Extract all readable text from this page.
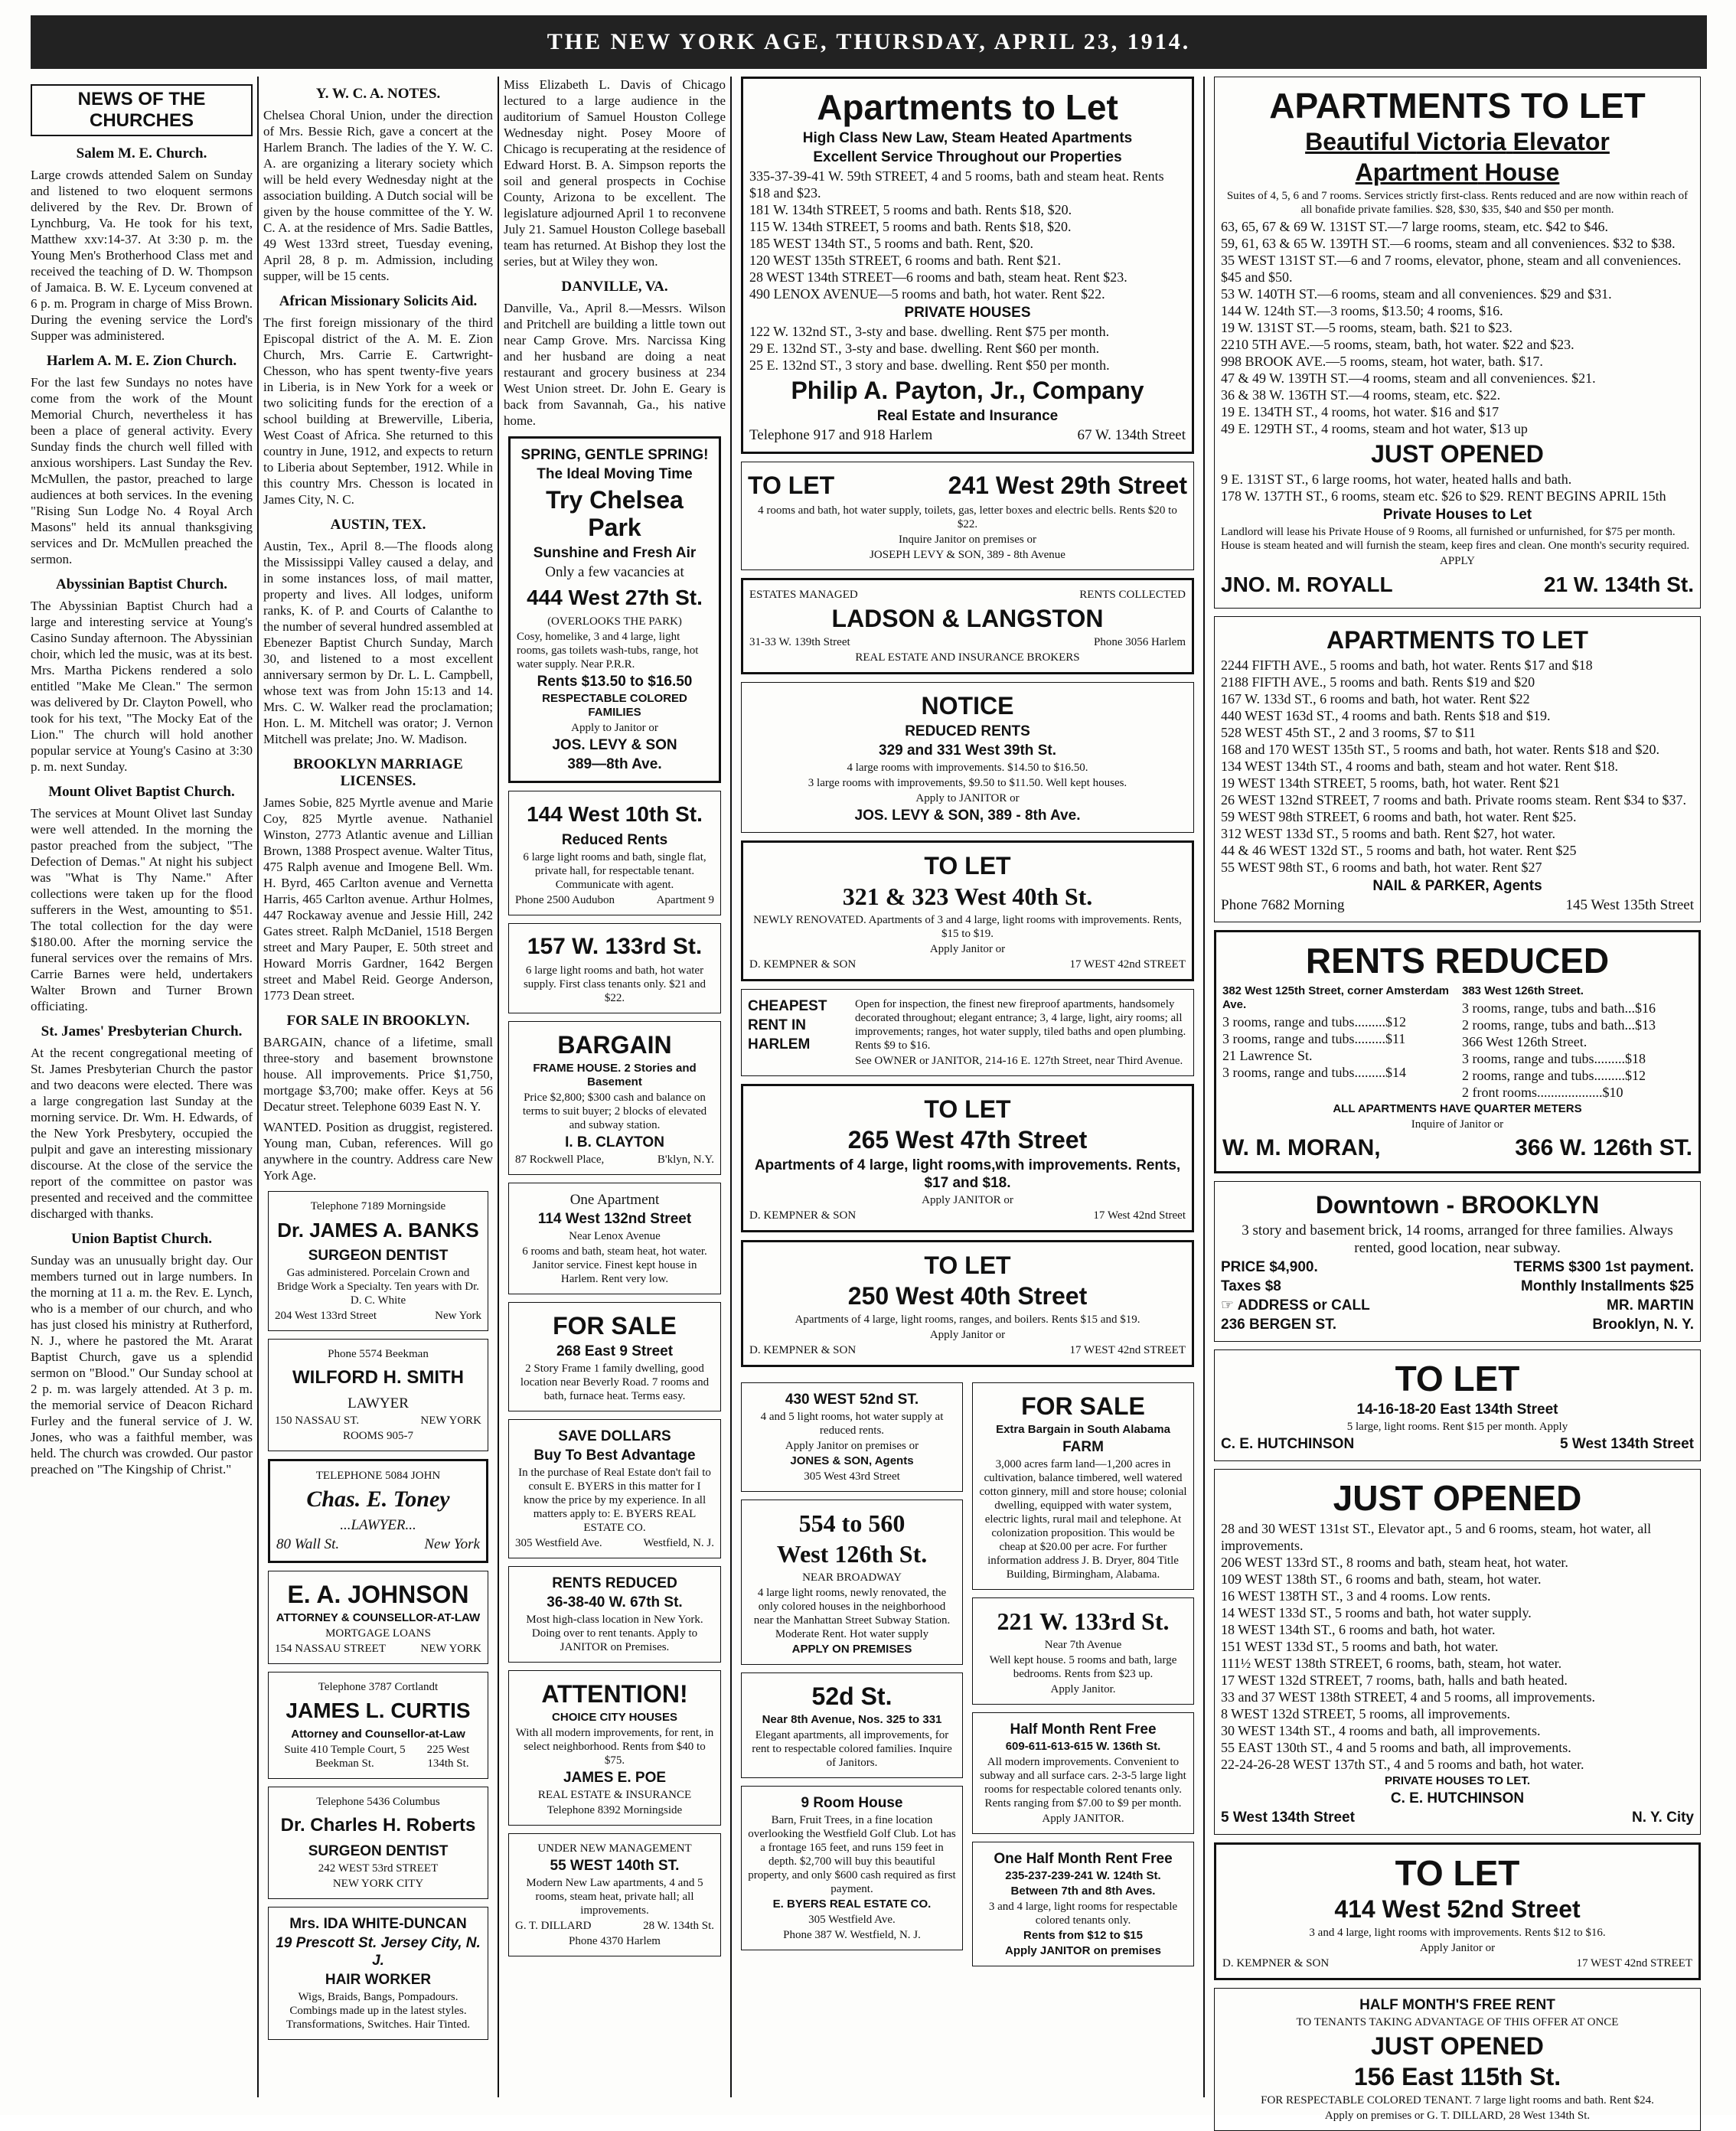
THE NEW YORK AGE, THURSDAY, APRIL 23, 1914.
NEWS OF THE CHURCHES
Salem M. E. Church.

Large crowds attended Salem on Sunday and listened to two eloquent sermons delivered by the Rev. Dr. Brown of Lynchburg, Va. He took for his text, Matthew xxv:14-37. At 3:30 p. m. the Young Men's Brotherhood Class met and received the teaching of D. W. Thompson of Jamaica. B. W. E. Lyceum convened at 6 p. m. Program in charge of Miss Brown. During the evening service the Lord's Supper was administered.

Harlem A. M. E. Zion Church.

For the last few Sundays no notes have come from the work of the Mount Memorial Church, nevertheless it has been a place of general activity. Every Sunday finds the church well filled with anxious worshipers. Last Sunday the Rev. McMullen, the pastor, preached to large audiences at both services. In the evening "Rising Sun Lodge No. 4 Royal Arch Masons" held its annual thanksgiving services and Dr. McMullen preached the sermon.

Abyssinian Baptist Church.

The Abyssinian Baptist Church had a large and interesting service at Young's Casino Sunday afternoon. The Abyssinian choir, which led the music, was at its best. Mrs. Martha Pickens rendered a solo entitled "Make Me Clean." The sermon was delivered by Dr. Clayton Powell, who took for his text, "The Mocky Eat of the Lion." The church will hold another popular service at Young's Casino at 3:30 p. m. next Sunday.

Mount Olivet Baptist Church.

The services at Mount Olivet last Sunday were well attended. In the morning the pastor preached from the subject, "The Defection of Demas." At night his subject was "What is Thy Name." After collections were taken up for the flood sufferers in the West, amounting to $51. The total collection for the day were $180.00. After the morning service the funeral services over the remains of Mrs. Carrie Barnes were held, undertakers Walter Brown and Turner Brown officiating.

St. James' Presbyterian Church.

At the recent congregational meeting of St. James Presbyterian Church the pastor and two deacons were elected. There was a large congregation last Sunday at the morning service. Dr. Wm. H. Edwards, of the New York Presbytery, occupied the pulpit and gave an interesting missionary discourse. At the close of the service the report of the committee on pastor was presented and received and the committee discharged with thanks.

Union Baptist Church.

Sunday was an unusually bright day. Our members turned out in large numbers. In the morning at 11 a. m. the Rev. E. Lynch, who is a member of our church, and who has just closed his ministry at Rutherford, N. J., where he pastored the Mt. Ararat Baptist Church, gave us a splendid sermon on "Blood." Our Sunday school at 2 p. m. was largely attended. At 3 p. m. the memorial service of Deacon Richard Furley and the funeral service of J. W. Jones, who was a faithful member, was held. The church was crowded. Our pastor preached on "The Kingship of Christ."

Y. W. C. A. NOTES.

Chelsea Choral Union, under the direction of Mrs. Bessie Rich, gave a concert at the Harlem Branch. The ladies of the Y. W. C. A. are organizing a literary society which will be held every Wednesday night at the association building. A Dutch social will be given by the house committee of the Y. W. C. A. at the residence of Mrs. Sadie Battles, 49 West 133rd street, Tuesday evening, April 28, 8 p. m. Admission, including supper, will be 15 cents.

African Missionary Solicits Aid.

The first foreign missionary of the third Episcopal district of the A. M. E. Zion Church, Mrs. Carrie E. Cartwright-Chesson, who has spent twenty-five years in Liberia, is in New York for a week or two soliciting funds for the erection of a school building at Brewerville, Liberia, West Coast of Africa. She returned to this country in June, 1912, and expects to return to Liberia about September, 1912. While in this country Mrs. Chesson is located in James City, N. C.

AUSTIN, TEX.

Austin, Tex., April 8.—The floods along the Mississippi Valley caused a delay, and in some instances loss, of mail matter, property and lives. All lodges, uniform ranks, K. of P. and Courts of Calanthe to the number of several hundred assembled at Ebenezer Baptist Church Sunday, March 30, and listened to a most excellent anniversary sermon by Dr. L. L. Campbell, whose text was from John 15:13 and 14. Mrs. C. W. Walker read the proclamation; Hon. L. M. Mitchell was orator; J. Vernon Mitchell was prelate; Jno. W. Madison.

BROOKLYN MARRIAGE LICENSES.

James Sobie, 825 Myrtle avenue and Marie Coy, 825 Myrtle avenue. Nathaniel Winston, 2773 Atlantic avenue and Lillian Brown, 1388 Prospect avenue. Walter Titus, 475 Ralph avenue and Imogene Bell. Wm. H. Byrd, 465 Carlton avenue and Vernetta Harris, 465 Carlton avenue. Arthur Holmes, 447 Rockaway avenue and Jessie Hill, 242 Gates street. Ralph McDaniel, 1518 Bergen street and Mary Pauper, E. 50th street and Howard Morris Gardner, 1642 Bergen street and Mabel Reid. George Anderson, 1773 Dean street.

FOR SALE IN BROOKLYN.

BARGAIN, chance of a lifetime, small three-story and basement brownstone house. All improvements. Price $1,750, mortgage $3,700; make offer. Keys at 56 Decatur street. Telephone 6039 East N. Y.

WANTED. Position as druggist, registered. Young man, Cuban, references. Will go anywhere in the country. Address care New York Age.

Telephone 7189 Morningside
Dr. JAMES A. BANKS
SURGEON DENTIST
Gas administered. Porcelain Crown and Bridge Work a Specialty. Ten years with Dr. D. C. White
204 West 133rd Street	New York
Phone 5574 Beekman
WILFORD H. SMITH
LAWYER
150 NASSAU ST.	NEW YORK
ROOMS 905-7
TELEPHONE 5084 JOHN
Chas. E. Toney
...LAWYER...
80 Wall St.	New York
E. A. JOHNSON
ATTORNEY & COUNSELLOR-AT-LAW
MORTGAGE LOANS
154 NASSAU STREET	NEW YORK
Telephone 3787 Cortlandt
JAMES L. CURTIS
Attorney and Counsellor-at-Law
Suite 410 Temple Court, 5 Beekman St.
225 West 134th St.
Telephone 5436 Columbus
Dr. Charles H. Roberts
SURGEON DENTIST
242 WEST 53rd STREET
NEW YORK CITY
Mrs. IDA WHITE-DUNCAN
19 Prescott St. Jersey City, N. J.
HAIR WORKER
Wigs, Braids, Bangs, Pompadours. Combings made up in the latest styles. Transformations, Switches. Hair Tinted.

Miss Elizabeth L. Davis of Chicago lectured to a large audience in the auditorium of Samuel Houston College Wednesday night. Posey Moore of Chicago is recuperating at the residence of Edward Horst. B. A. Simpson reports the soil and general prospects in Cochise County, Arizona to be excellent. The legislature adjourned April 1 to reconvene July 21. Samuel Houston College baseball team has returned. At Bishop they lost the series, but at Wiley they won.

DANVILLE, VA.

Danville, Va., April 8.—Messrs. Wilson and Pritchell are building a little town out near Camp Grove. Mrs. Narcissa King and her husband are doing a neat restaurant and grocery business at 234 West Union street. Dr. John E. Geary is back from Savannah, Ga., his native home.

SPRING, GENTLE SPRING!
The Ideal Moving Time
Try Chelsea Park
Sunshine and Fresh Air
Only a few vacancies at
444 West 27th St.
(OVERLOOKS THE PARK)
Cosy, homelike, 3 and 4 large, light rooms, gas toilets wash-tubs, range, hot water supply. Near P.R.R.
Rents $13.50 to $16.50
RESPECTABLE COLORED FAMILIES
Apply to Janitor or
JOS. LEVY & SON
389—8th Ave.
144 West 10th St.
Reduced Rents
6 large light rooms and bath, single flat, private hall, for respectable tenant. Communicate with agent.
Phone 2500 Audubon	Apartment 9
157 W. 133rd St.
6 large light rooms and bath, hot water supply. First class tenants only. $21 and $22.
BARGAIN
FRAME HOUSE. 2 Stories and Basement
Price $2,800; $300 cash and balance on terms to suit buyer; 2 blocks of elevated and subway station.
I. B. CLAYTON
87 Rockwell Place,	B'klyn, N.Y.
One Apartment
114 West 132nd Street
Near Lenox Avenue
6 rooms and bath, steam heat, hot water. Janitor service. Finest kept house in Harlem. Rent very low.
FOR SALE
268 East 9 Street
2 Story Frame 1 family dwelling, good location near Beverly Road. 7 rooms and bath, furnace heat. Terms easy.
SAVE DOLLARS
Buy To Best Advantage
In the purchase of Real Estate don't fail to consult E. BYERS in this matter for I know the price by my experience. In all matters apply to: E. BYERS REAL ESTATE CO.
305 Westfield Ave.	Westfield, N. J.
RENTS REDUCED
36-38-40 W. 67th St.
Most high-class location in New York. Doing over to rent tenants. Apply to JANITOR on Premises.
ATTENTION!
CHOICE CITY HOUSES
With all modern improvements, for rent, in select neighborhood. Rents from $40 to $75.
JAMES E. POE
REAL ESTATE & INSURANCE
Telephone 8392 Morningside
UNDER NEW MANAGEMENT
55 WEST 140th ST.
Modern New Law apartments, 4 and 5 rooms, steam heat, private hall; all improvements.
G. T. DILLARD	28 W. 134th St.
Phone 4370 Harlem
Apartments to Let
High Class New Law, Steam Heated Apartments
Excellent Service Throughout our Properties
335-37-39-41 W. 59th STREET, 4 and 5 rooms, bath and steam heat. Rents $18 and $23.
181 W. 134th STREET, 5 rooms and bath. Rents $18, $20.
115 W. 134th STREET, 5 rooms and bath. Rents $18, $20.
185 WEST 134th ST., 5 rooms and bath. Rent, $20.
120 WEST 135th STREET, 6 rooms and bath. Rent $21.
28 WEST 134th STREET—6 rooms and bath, steam heat. Rent $23.
490 LENOX AVENUE—5 rooms and bath, hot water. Rent $22.
PRIVATE HOUSES
122 W. 132nd ST., 3-sty and base. dwelling. Rent $75 per month.
29 E. 132nd ST., 3-sty and base. dwelling. Rent $60 per month.
25 E. 132nd ST., 3 story and base. dwelling. Rent $50 per month.
Philip A. Payton, Jr., Company
Real Estate and Insurance
Telephone 917 and 918 Harlem	67 W. 134th Street
TO LET	241 West 29th Street
4 rooms and bath, hot water supply, toilets, gas, letter boxes and electric bells. Rents $20 to $22.
Inquire Janitor on premises or
JOSEPH LEVY & SON, 389 - 8th Avenue
ESTATES MANAGED	RENTS COLLECTED
LADSON & LANGSTON
31-33 W. 139th Street	Phone 3056 Harlem
REAL ESTATE AND INSURANCE BROKERS
NOTICE
REDUCED RENTS
329 and 331 West 39th St.
4 large rooms with improvements. $14.50 to $16.50.
3 large rooms with improvements, $9.50 to $11.50. Well kept houses.
Apply to JANITOR or
JOS. LEVY & SON, 389 - 8th Ave.
TO LET
321 & 323 West 40th St.
NEWLY RENOVATED. Apartments of 3 and 4 large, light rooms with improvements. Rents, $15 to $19.
Apply Janitor or
D. KEMPNER & SON	17 WEST 42nd STREET
CHEAPEST
RENT IN
HARLEM
Open for inspection, the finest new fireproof apartments, handsomely decorated throughout; elegant entrance; 3, 4 large, light, airy rooms; all improvements; ranges, hot water supply, tiled baths and open plumbing. Rents $9 to $16.
See OWNER or JANITOR, 214-16 E. 127th Street, near Third Avenue.
TO LET
265 West 47th Street
Apartments of 4 large, light rooms,with improvements. Rents, $17 and $18.
Apply JANITOR or
D. KEMPNER & SON	17 West 42nd Street
TO LET
250 West 40th Street
Apartments of 4 large, light rooms, ranges, and boilers. Rents $15 and $19.
Apply Janitor or
D. KEMPNER & SON	17 WEST 42nd STREET
430 WEST 52nd ST.
4 and 5 light rooms, hot water supply at reduced rents.
Apply Janitor on premises or
JONES & SON, Agents
305 West 43rd Street
554 to 560
West 126th St.
NEAR BROADWAY
4 large light rooms, newly renovated, the only colored houses in the neighborhood near the Manhattan Street Subway Station. Moderate Rent. Hot water supply
APPLY ON PREMISES
52d St.
Near 8th Avenue, Nos. 325 to 331
Elegant apartments, all improvements, for rent to respectable colored families. Inquire of Janitors.
9 Room House
Barn, Fruit Trees, in a fine location overlooking the Westfield Golf Club. Lot has a frontage 165 feet, and runs 159 feet in depth. $2,700 will buy this beautiful property, and only $600 cash required as first payment.
E. BYERS REAL ESTATE CO.
305 Westfield Ave.
Phone 387 W. Westfield, N. J.
FOR SALE
Extra Bargain in South Alabama
FARM
3,000 acres farm land—1,200 acres in cultivation, balance timbered, well watered cotton ginnery, mill and store house; colonial dwelling, equipped with water system, electric lights, rural mail and telephone. At colonization proposition. This would be cheap at $20.00 per acre. For further information address J. B. Dryer, 804 Title Building, Birmingham, Alabama.
221 W. 133rd St.
Near 7th Avenue
Well kept house. 5 rooms and bath, large bedrooms. Rents from $23 up.
Apply Janitor.
Half Month Rent Free
609-611-613-615 W. 136th St.
All modern improvements. Convenient to subway and all surface cars. 2-3-5 large light rooms for respectable colored tenants only. Rents ranging from $7.00 to $9 per month.
Apply JANITOR.
One Half Month Rent Free
235-237-239-241 W. 124th St.
Between 7th and 8th Aves.
3 and 4 large, light rooms for respectable colored tenants only.
Rents from $12 to $15
Apply JANITOR on premises
APARTMENTS TO LET
Beautiful Victoria Elevator
Apartment House
Suites of 4, 5, 6 and 7 rooms. Services strictly first-class. Rents reduced and are now within reach of all bonafide private families. $28, $30, $35, $40 and $50 per month.
63, 65, 67 & 69 W. 131ST ST.—7 large rooms, steam, etc. $42 to $46.
59, 61, 63 & 65 W. 139TH ST.—6 rooms, steam and all conveniences. $32 to $38.
35 WEST 131ST ST.—6 and 7 rooms, elevator, phone, steam and all conveniences. $45 and $50.
53 W. 140TH ST.—6 rooms, steam and all conveniences. $29 and $31.
144 W. 124th ST.—3 rooms, $13.50; 4 rooms, $16.
19 W. 131ST ST.—5 rooms, steam, bath. $21 to $23.
2210 5TH AVE.—5 rooms, steam, bath, hot water. $22 and $23.
998 BROOK AVE.—5 rooms, steam, hot water, bath. $17.
47 & 49 W. 139TH ST.—4 rooms, steam and all conveniences. $21.
36 & 38 W. 136TH ST.—4 rooms, steam, etc. $22.
19 E. 134TH ST., 4 rooms, hot water. $16 and $17
49 E. 129TH ST., 4 rooms, steam and hot water, $13 up
JUST OPENED
9 E. 131ST ST., 6 large rooms, hot water, heated halls and bath.
178 W. 137TH ST., 6 rooms, steam etc. $26 to $29. RENT BEGINS APRIL 15th
Private Houses to Let
Landlord will lease his Private House of 9 Rooms, all furnished or unfurnished, for $75 per month. House is steam heated and will furnish the steam, keep fires and clean. One month's security required.
APPLY
JNO. M. ROYALL	21 W. 134th St.
APARTMENTS TO LET
2244 FIFTH AVE., 5 rooms and bath, hot water. Rents $17 and $18
2188 FIFTH AVE., 5 rooms and bath. Rents $19 and $20
167 W. 133d ST., 6 rooms and bath, hot water. Rent $22
440 WEST 163d ST., 4 rooms and bath. Rents $18 and $19.
528 WEST 45th ST., 2 and 3 rooms, $7 to $11
168 and 170 WEST 135th ST., 5 rooms and bath, hot water. Rents $18 and $20.
134 WEST 134th ST., 4 rooms and bath, steam and hot water. Rent $18.
19 WEST 134th STREET, 5 rooms, bath, hot water. Rent $21
26 WEST 132nd STREET, 7 rooms and bath. Private rooms steam. Rent $34 to $37.
59 WEST 98th STREET, 6 rooms and bath, hot water. Rent $25.
312 WEST 133d ST., 5 rooms and bath. Rent $27, hot water.
44 & 46 WEST 132d ST., 5 rooms and bath, hot water. Rent $25
55 WEST 98th ST., 6 rooms and bath, hot water. Rent $27
NAIL & PARKER, Agents
Phone 7682 Morning	145 West 135th Street
RENTS REDUCED
382 West 125th Street, corner Amsterdam Ave.
3 rooms, range and tubs.........$12
3 rooms, range and tubs.........$11
21 Lawrence St.
3 rooms, range and tubs.........$14
383 West 126th Street.
3 rooms, range, tubs and bath...$16
2 rooms, range, tubs and bath...$13
366 West 126th Street.
3 rooms, range and tubs.........$18
2 rooms, range and tubs.........$12
2 front rooms...................$10
ALL APARTMENTS HAVE QUARTER METERS
Inquire of Janitor or
W. M. MORAN,	366 W. 126th ST.
Downtown - BROOKLYN
3 story and basement brick, 14 rooms, arranged for three families. Always rented, good location, near subway.
PRICE $4,900.	TERMS $300 1st payment.
Taxes $8	Monthly Installments $25
☞ ADDRESS or CALL	MR. MARTIN
236 BERGEN ST.	Brooklyn, N. Y.
TO LET
14-16-18-20 East 134th Street
5 large, light rooms. Rent $15 per month. Apply
C. E. HUTCHINSON	5 West 134th Street
JUST OPENED
28 and 30 WEST 131st ST., Elevator apt., 5 and 6 rooms, steam, hot water, all improvements.
206 WEST 133rd ST., 8 rooms and bath, steam heat, hot water.
109 WEST 138th ST., 6 rooms and bath, steam, hot water.
16 WEST 138TH ST., 3 and 4 rooms. Low rents.
14 WEST 133d ST., 5 rooms and bath, hot water supply.
18 WEST 134th ST., 6 rooms and bath, hot water.
151 WEST 133d ST., 5 rooms and bath, hot water.
111½ WEST 138th STREET, 6 rooms, bath, steam, hot water.
17 WEST 132d STREET, 7 rooms, bath, halls and bath heated.
33 and 37 WEST 138th STREET, 4 and 5 rooms, all improvements.
8 WEST 132d STREET, 5 rooms, all improvements.
30 WEST 134th ST., 4 rooms and bath, all improvements.
55 EAST 130th ST., 4 and 5 rooms and bath, all improvements.
22-24-26-28 WEST 137th ST., 4 and 5 rooms and bath, hot water.
PRIVATE HOUSES TO LET.
C. E. HUTCHINSON
5 West 134th Street	N. Y. City
TO LET
414 West 52nd Street
3 and 4 large, light rooms with improvements. Rents $12 to $16.
Apply Janitor or
D. KEMPNER & SON	17 WEST 42nd STREET
HALF MONTH'S FREE RENT
TO TENANTS TAKING ADVANTAGE OF THIS OFFER AT ONCE
JUST OPENED
156 East 115th St.
FOR RESPECTABLE COLORED TENANT. 7 large light rooms and bath. Rent $24.
Apply on premises or G. T. DILLARD, 28 West 134th St.
